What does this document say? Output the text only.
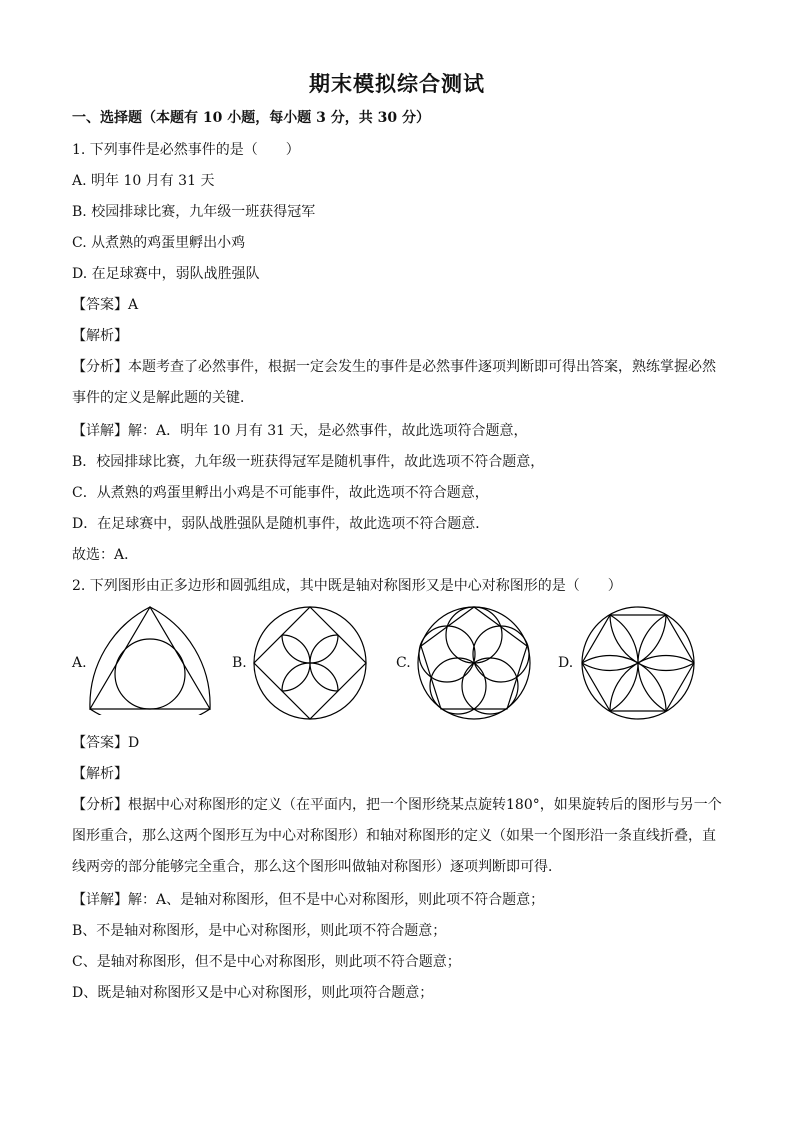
期末模拟综合测试
一、选择题（本题有 10 小题，每小题 3 分，共 30 分）
1. 下列事件是必然事件的是（　　）
A. 明年 10 月有 31 天
B. 校园排球比赛，九年级一班获得冠军
C. 从煮熟的鸡蛋里孵出小鸡
D. 在足球赛中，弱队战胜强队
【答案】A
【解析】
【分析】本题考查了必然事件，根据一定会发生的事件是必然事件逐项判断即可得出答案，熟练掌握必然事件的定义是解此题的关键．
【详解】解：A．明年 10 月有 31 天，是必然事件，故此选项符合题意，
B．校园排球比赛，九年级一班获得冠军是随机事件，故此选项不符合题意，
C．从煮熟的鸡蛋里孵出小鸡是不可能事件，故此选项不符合题意，
D．在足球赛中，弱队战胜强队是随机事件，故此选项不符合题意．
故选：A．
2. 下列图形由正多边形和圆弧组成，其中既是轴对称图形又是中心对称图形的是（　　）
A.	B.	C.	D.
【答案】D
【解析】
【分析】根据中心对称图形的定义（在平面内，把一个图形绕某点旋转180°，如果旋转后的图形与另一个图形重合，那么这两个图形互为中心对称图形）和轴对称图形的定义（如果一个图形沿一条直线折叠，直线两旁的部分能够完全重合，那么这个图形叫做轴对称图形）逐项判断即可得．
【详解】解：A、是轴对称图形，但不是中心对称图形，则此项不符合题意；
B、不是轴对称图形，是中心对称图形，则此项不符合题意；
C、是轴对称图形，但不是中心对称图形，则此项不符合题意；
D、既是轴对称图形又是中心对称图形，则此项符合题意；
